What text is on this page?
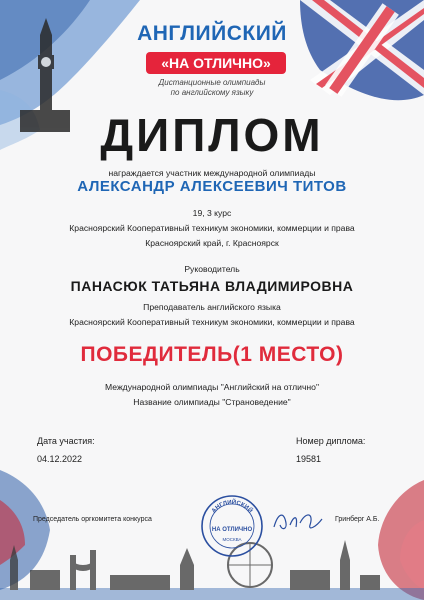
АНГЛИЙСКИЙ
«НА ОТЛИЧНО»
Дистанционные олимпиады
по английскому языку
ДИПЛОМ
награждается участник международной олимпиады
АЛЕКСАНДР АЛЕКСЕЕВИЧ ТИТОВ
19, 3 курс
Красноярский Кооперативный техникум экономики, коммерции и права
Красноярский край, г. Красноярск
Руководитель
ПАНАСЮК ТАТЬЯНА ВЛАДИМИРОВНА
Преподаватель английского языка
Красноярский Кооперативный техникум экономики, коммерции и права
ПОБЕДИТЕЛЬ(1 МЕСТО)
Международной олимпиады "Английский на отлично"
Название олимпиады "Страноведение"
Дата участия:
04.12.2022
Номер диплома:
19581
Председатель оргкомитета конкурса
АНГЛИЙСКИЙ
НА ОТЛИЧНО
МОСКВА
Гринберг А.Б.
